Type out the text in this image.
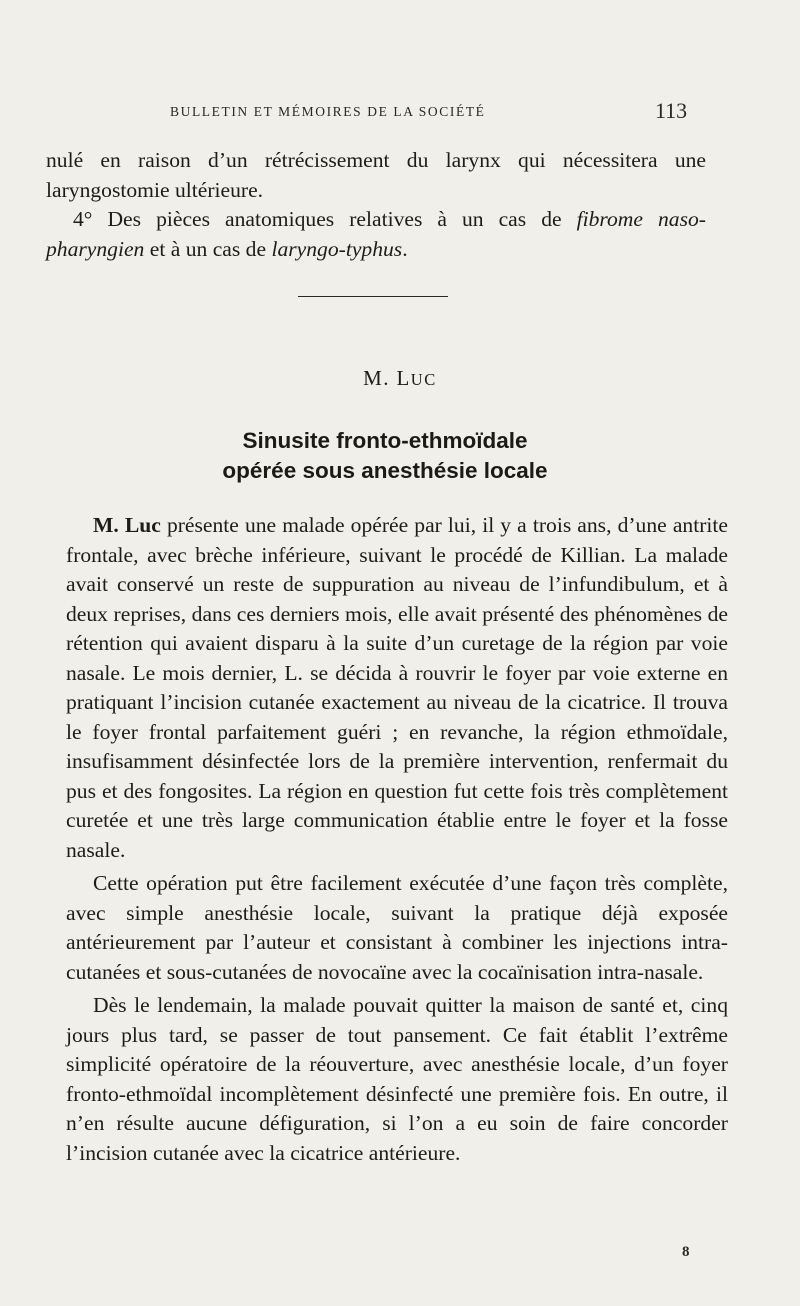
BULLETIN ET MÉMOIRES DE LA SOCIÉTÉ	113

nulé en raison d’un rétrécissement du larynx qui nécessitera une laryngostomie ultérieure.

4° Des pièces anatomiques relatives à un cas de fibrome naso-pharyngien et à un cas de laryngo-typhus.

M. LUC
Sinusite fronto-ethmoïdale
opérée sous anesthésie locale

M. Luc présente une malade opérée par lui, il y a trois ans, d’une antrite frontale, avec brèche inférieure, suivant le procédé de Killian. La malade avait conservé un reste de suppuration au niveau de l’infundibulum, et à deux reprises, dans ces derniers mois, elle avait présenté des phénomènes de rétention qui avaient disparu à la suite d’un curetage de la région par voie nasale. Le mois dernier, L. se décida à rouvrir le foyer par voie externe en pratiquant l’incision cutanée exactement au niveau de la cicatrice. Il trouva le foyer frontal parfaitement guéri ; en revanche, la région ethmoïdale, insufisamment désinfectée lors de la première intervention, renfermait du pus et des fongosites. La région en question fut cette fois très complètement curetée et une très large communication établie entre le foyer et la fosse nasale.

Cette opération put être facilement exécutée d’une façon très complète, avec simple anesthésie locale, suivant la pratique déjà exposée antérieurement par l’auteur et consistant à combiner les injections intra-cutanées et sous-cutanées de novocaïne avec la cocaïnisation intra-nasale.

Dès le lendemain, la malade pouvait quitter la maison de santé et, cinq jours plus tard, se passer de tout pansement. Ce fait établit l’extrême simplicité opératoire de la réouverture, avec anesthésie locale, d’un foyer fronto-ethmoïdal incomplètement désinfecté une première fois. En outre, il n’en résulte aucune défiguration, si l’on a eu soin de faire concorder l’incision cutanée avec la cicatrice antérieure.

8
